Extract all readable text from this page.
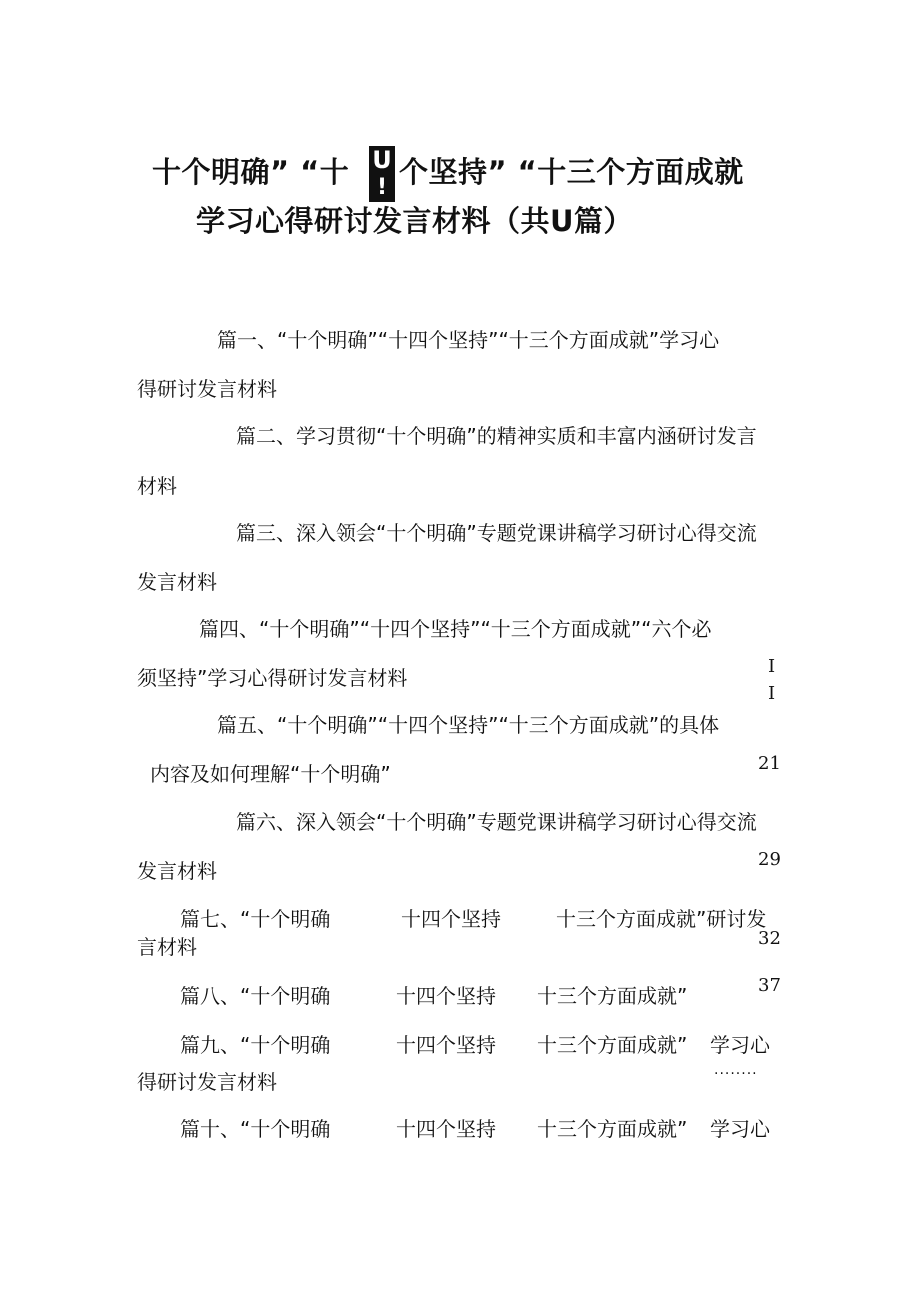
十个明确” “十 U
! 个坚持” “十三个方面成就
学习心得研讨发言材料（共U篇）
篇一、“十个明确”“十四个坚持”“十三个方面成就”学习心
得研讨发言材料
篇二、学习贯彻“十个明确”的精神实质和丰富内涵研讨发言
材料
篇三、深入领会“十个明确”专题党课讲稿学习研讨心得交流
发言材料
篇四、“十个明确”“十四个坚持”“十三个方面成就”“六个必
须坚持”学习心得研讨发言材料	I
I
篇五、“十个明确”“十四个坚持”“十三个方面成就”的具体
内容及如何理解“十个明确”	21
篇六、深入领会“十个明确”专题党课讲稿学习研讨心得交流
发言材料	29
篇七、“十个明确	十四个坚持	十三个方面成就”研讨发
言材料	32
篇八、“十个明确	十四个坚持 十三个方面成就”	37
篇九、“十个明确	十四个坚持 十三个方面成就” 学习心
得研讨发言材料	........
篇十、“十个明确	十四个坚持 十三个方面成就” 学习心
